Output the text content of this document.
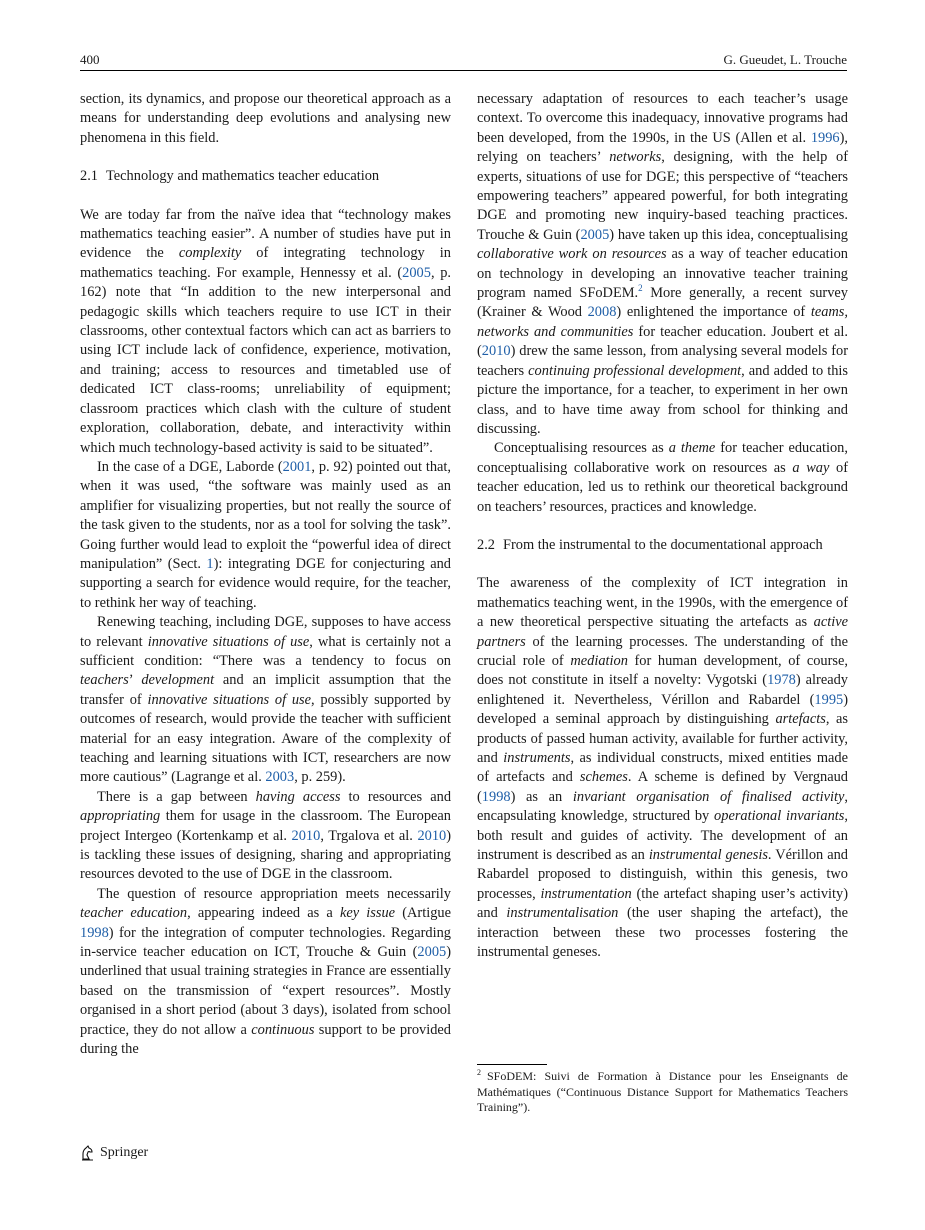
400	G. Gueudet, L. Trouche

section, its dynamics, and propose our theoretical approach as a means for understanding deep evolutions and analysing new phenomena in this field.

2.1 Technology and mathematics teacher education

We are today far from the naïve idea that “technology makes mathematics teaching easier”. A number of studies have put in evidence the complexity of integrating technology in mathematics teaching. For example, Hennessy et al. (2005, p. 162) note that “In addition to the new interpersonal and pedagogic skills which teachers require to use ICT in their classrooms, other contextual factors which can act as barriers to using ICT include lack of confidence, experience, motivation, and training; access to resources and timetabled use of dedicated ICT class-rooms; unreliability of equipment; classroom practices which clash with the culture of student exploration, collaboration, debate, and interactivity within which much technology-based activity is said to be situated”.

In the case of a DGE, Laborde (2001, p. 92) pointed out that, when it was used, “the software was mainly used as an amplifier for visualizing properties, but not really the source of the task given to the students, nor as a tool for solving the task”. Going further would lead to exploit the “powerful idea of direct manipulation” (Sect. 1): integrating DGE for conjecturing and supporting a search for evidence would require, for the teacher, to rethink her way of teaching.

Renewing teaching, including DGE, supposes to have access to relevant innovative situations of use, what is certainly not a sufficient condition: “There was a tendency to focus on teachers’ development and an implicit assumption that the transfer of innovative situations of use, possibly supported by outcomes of research, would provide the teacher with sufficient material for an easy integration. Aware of the complexity of teaching and learning situations with ICT, researchers are now more cautious” (Lagrange et al. 2003, p. 259).

There is a gap between having access to resources and appropriating them for usage in the classroom. The European project Intergeo (Kortenkamp et al. 2010, Trgalova et al. 2010) is tackling these issues of designing, sharing and appropriating resources devoted to the use of DGE in the classroom.

The question of resource appropriation meets necessarily teacher education, appearing indeed as a key issue (Artigue 1998) for the integration of computer technologies. Regarding in-service teacher education on ICT, Trouche & Guin (2005) underlined that usual training strategies in France are essentially based on the transmission of “expert resources”. Mostly organised in a short period (about 3 days), isolated from school practice, they do not allow a continuous support to be provided during the

necessary adaptation of resources to each teacher’s usage context. To overcome this inadequacy, innovative programs had been developed, from the 1990s, in the US (Allen et al. 1996), relying on teachers’ networks, designing, with the help of experts, situations of use for DGE; this perspective of “teachers empowering teachers” appeared powerful, for both integrating DGE and promoting new inquiry-based teaching practices. Trouche & Guin (2005) have taken up this idea, conceptualising collaborative work on resources as a way of teacher education on technology in developing an innovative teacher training program named SFoDEM.$^2$ More generally, a recent survey (Krainer & Wood 2008) enlightened the importance of teams, networks and communities for teacher education. Joubert et al. (2010) drew the same lesson, from analysing several models for teachers continuing professional development, and added to this picture the importance, for a teacher, to experiment in her own class, and to have time away from school for thinking and discussing.

Conceptualising resources as a theme for teacher education, conceptualising collaborative work on resources as a way of teacher education, led us to rethink our theoretical background on teachers’ resources, practices and knowledge.

2.2 From the instrumental to the documentational approach

The awareness of the complexity of ICT integration in mathematics teaching went, in the 1990s, with the emergence of a new theoretical perspective situating the artefacts as active partners of the learning processes. The understanding of the crucial role of mediation for human development, of course, does not constitute in itself a novelty: Vygotski (1978) already enlightened it. Nevertheless, Vérillon and Rabardel (1995) developed a seminal approach by distinguishing artefacts, as products of passed human activity, available for further activity, and instruments, as individual constructs, mixed entities made of artefacts and schemes. A scheme is defined by Vergnaud (1998) as an invariant organisation of finalised activity, encapsulating knowledge, structured by operational invariants, both result and guides of activity. The development of an instrument is described as an instrumental genesis. Vérillon and Rabardel proposed to distinguish, within this genesis, two processes, instrumentation (the artefact shaping user’s activity) and instrumentalisation (the user shaping the artefact), the interaction between these two processes fostering the instrumental geneses.

$^2$ SFoDEM: Suivi de Formation à Distance pour les Enseignants de Mathématiques (“Continuous Distance Support for Mathematics Teachers Training”).
Springer
